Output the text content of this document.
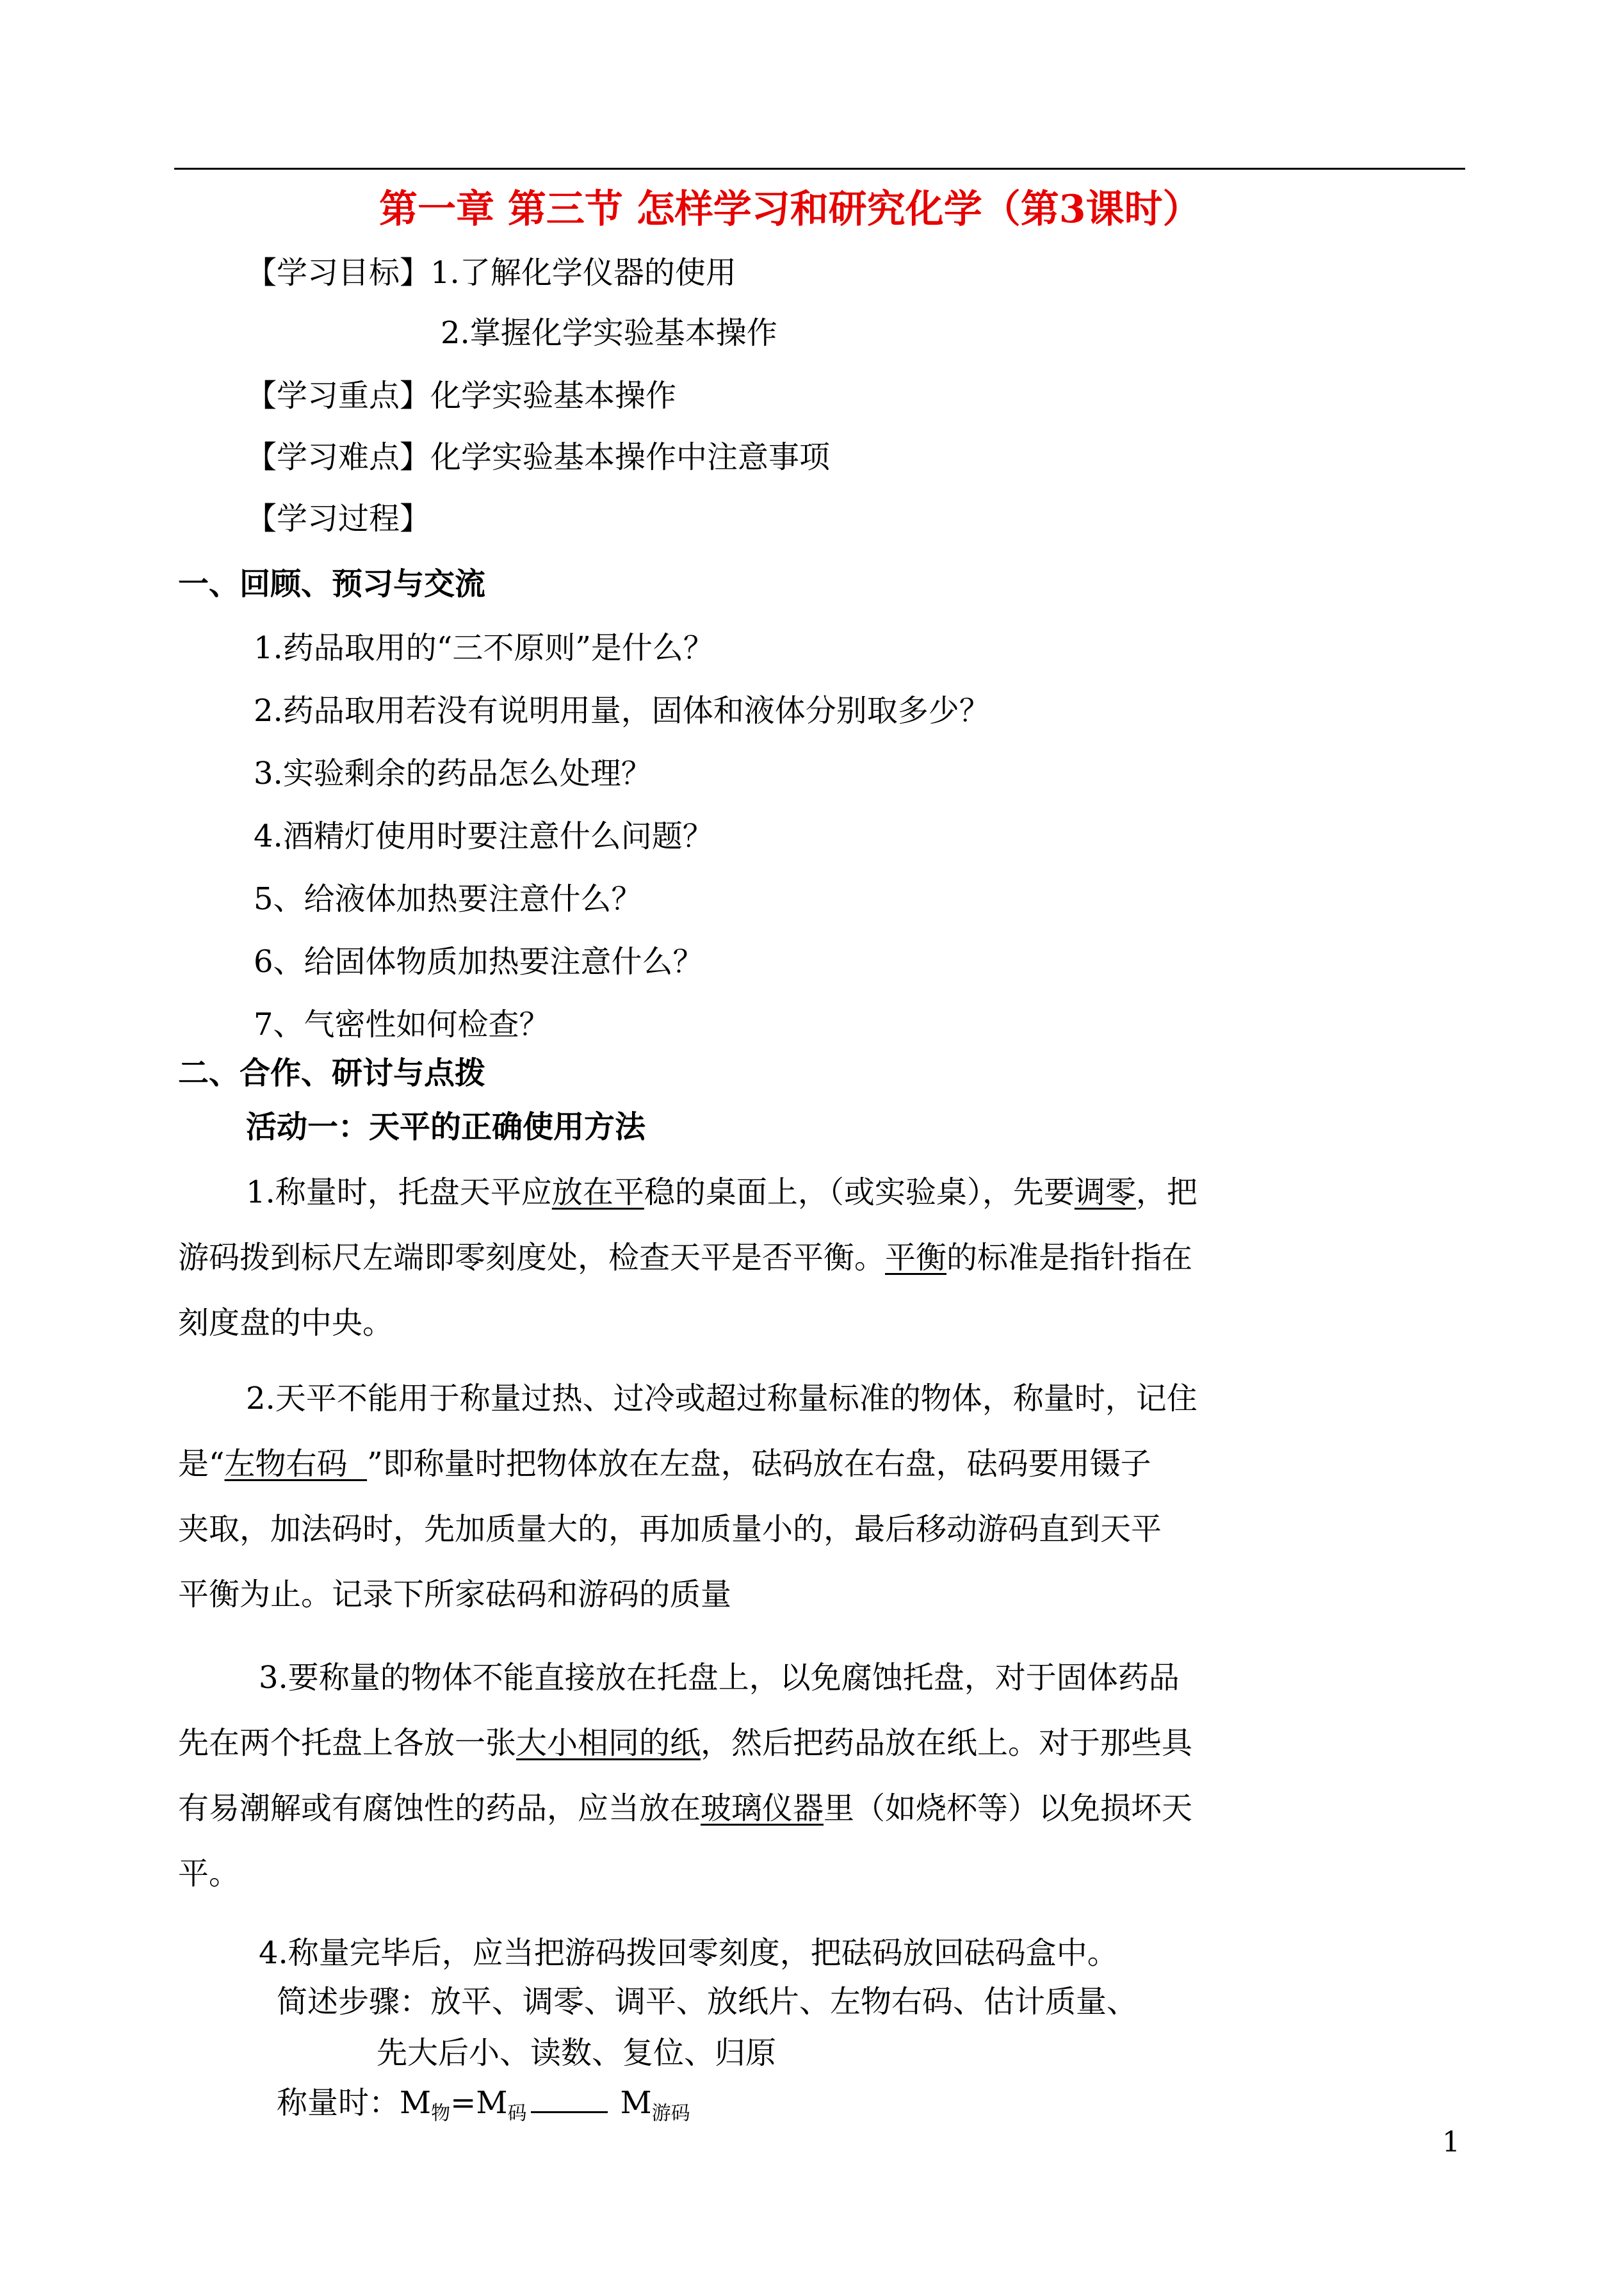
第一章 第三节 怎样学习和研究化学（第3课时）
【学习目标】1.了解化学仪器的使用
2.掌握化学实验基本操作
【学习重点】化学实验基本操作
【学习难点】化学实验基本操作中注意事项
【学习过程】
一、回顾、预习与交流
1.药品取用的“三不原则”是什么？
2.药品取用若没有说明用量，固体和液体分别取多少？
3.实验剩余的药品怎么处理？
4.酒精灯使用时要注意什么问题？
5、给液体加热要注意什么？
6、给固体物质加热要注意什么？
7、气密性如何检查？
二、合作、研讨与点拨
活动一：天平的正确使用方法
1.称量时，托盘天平应放在平稳的桌面上，（或实验桌），先要调零，把
游码拨到标尺左端即零刻度处，检查天平是否平衡。平衡的标准是指针指在
刻度盘的中央。
2.天平不能用于称量过热、过冷或超过称量标准的物体，称量时，记住
是“左物右码  ”即称量时把物体放在左盘，砝码放在右盘，砝码要用镊子
夹取，加法码时，先加质量大的，再加质量小的，最后移动游码直到天平
平衡为止。记录下所家砝码和游码的质量
3.要称量的物体不能直接放在托盘上，以免腐蚀托盘，对于固体药品
先在两个托盘上各放一张大小相同的纸，然后把药品放在纸上。对于那些具
有易潮解或有腐蚀性的药品，应当放在玻璃仪器里（如烧杯等）以免损坏天
平。
4.称量完毕后，应当把游码拨回零刻度，把砝码放回砝码盒中。
简述步骤：放平、调零、调平、放纸片、左物右码、估计质量、
先大后小、读数、复位、归原
称量时：$M_物=M_码$	$M_{游码}$
1
